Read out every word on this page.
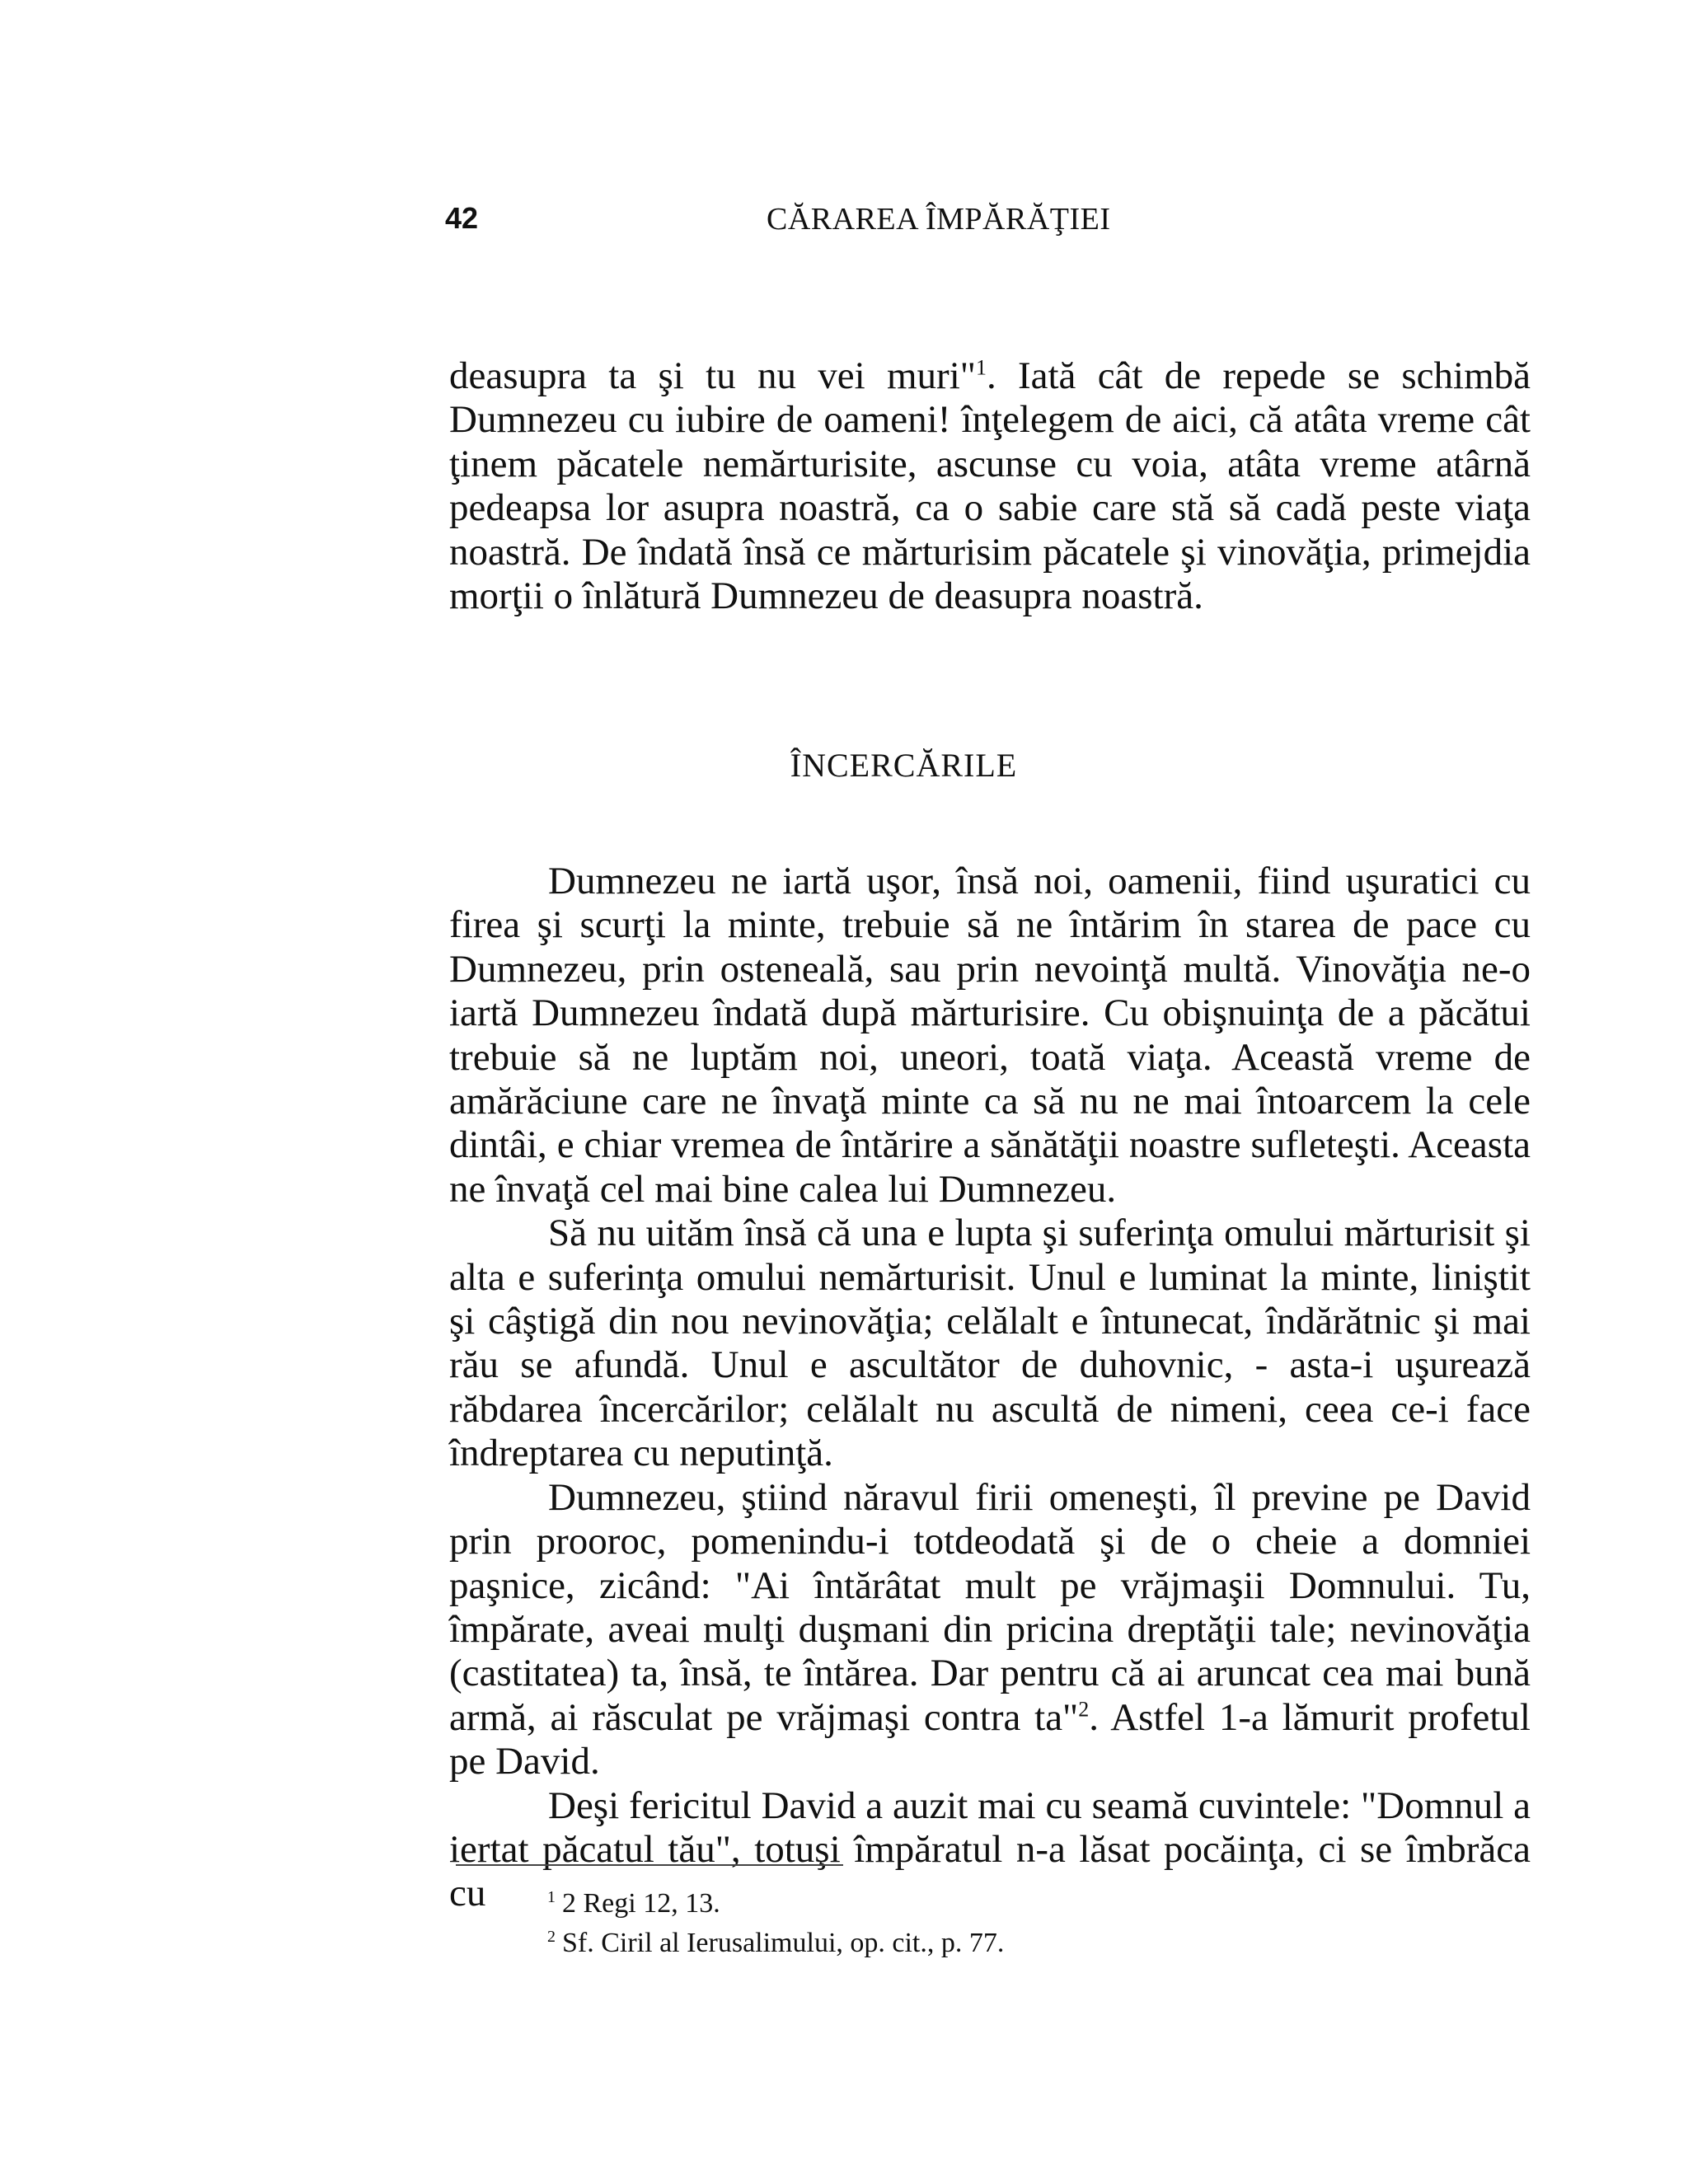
42	CĂRAREA ÎMPĂRĂŢIEI

deasupra ta şi tu nu vei muri"$^1$. Iată cât de repede se schimbă Dumnezeu cu iubire de oameni! înţelegem de aici, că atâta vreme cât ţinem păcatele nemărturisite, ascunse cu voia, atâta vreme atârnă pedeapsa lor asupra noastră, ca o sabie care stă să cadă peste viaţa noastră. De îndată însă ce mărturisim păcatele şi vinovăţia, primejdia morţii o înlătură Dumnezeu de deasupra noastră.

ÎNCERCĂRILE

Dumnezeu ne iartă uşor, însă noi, oamenii, fiind uşuratici cu firea şi scurţi la minte, trebuie să ne întărim în starea de pace cu Dumnezeu, prin osteneală, sau prin nevoinţă multă. Vinovăţia ne-o iartă Dumnezeu îndată după mărturisire. Cu obişnuinţa de a păcătui trebuie să ne luptăm noi, uneori, toată viaţa. Această vreme de amărăciune care ne învaţă minte ca să nu ne mai întoarcem la cele dintâi, e chiar vremea de întărire a sănătăţii noastre sufleteşti. Aceasta ne învaţă cel mai bine calea lui Dumnezeu.

Să nu uităm însă că una e lupta şi suferinţa omului mărturisit şi alta e suferinţa omului nemărturisit. Unul e luminat la minte, liniştit şi câştigă din nou nevinovăţia; celălalt e întunecat, îndărătnic şi mai rău se afundă. Unul e ascultător de duhovnic, - asta-i uşurează răbdarea încercărilor; celălalt nu ascultă de nimeni, ceea ce-i face îndreptarea cu neputinţă.

Dumnezeu, ştiind năravul firii omeneşti, îl previne pe David prin prooroc, pomenindu-i totdeodată şi de o cheie a domniei paşnice, zicând: "Ai întărâtat mult pe vrăjmaşii Domnului. Tu, împărate, aveai mulţi duşmani din pricina dreptăţii tale; nevinovăţia (castitatea) ta, însă, te întărea. Dar pentru că ai aruncat cea mai bună armă, ai răsculat pe vrăjmaşi contra ta"$^2$. Astfel 1-a lămurit profetul pe David.

Deşi fericitul David a auzit mai cu seamă cuvintele: "Domnul a iertat păcatul tău", totuşi împăratul n-a lăsat pocăinţa, ci se îmbrăca cu	$^1$ 2 Regi 12, 13.
$^2$ Sf. Ciril al Ierusalimului, op. cit., p. 77.
